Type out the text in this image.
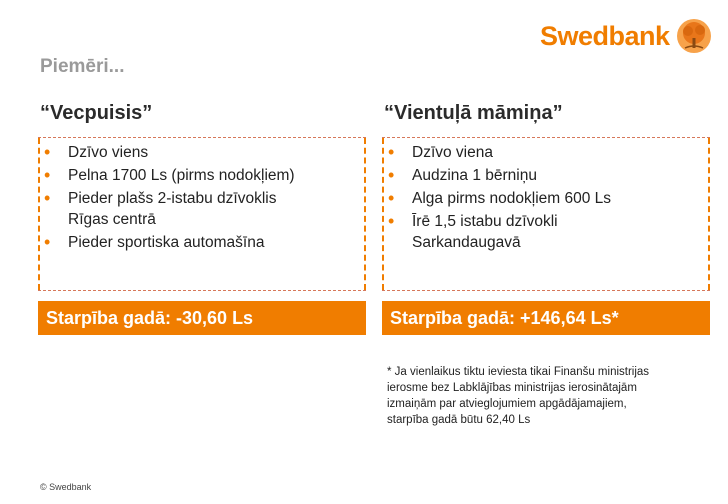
Swedbank
Piemēri...
“Vecpuisis”
• Dzīvo viens
• Pelna 1700 Ls (pirms nodokļiem)
• Pieder plašs 2-istabu dzīvoklis
Rīgas centrā
• Pieder sportiska automašīna
Starpība gadā: -30,60 Ls
“Vientuļā māmiņa”
• Dzīvo viena
• Audzina 1 bērniņu
• Alga pirms nodokļiem 600 Ls
• Īrē 1,5 istabu dzīvokli
Sarkandaugavā
Starpība gadā: +146,64 Ls*
* Ja vienlaikus tiktu ieviesta tikai Finanšu ministrijas
ierosme bez Labklājības ministrijas ierosinātajām
izmaiņām par atvieglojumiem apgādājamajiem,
starpība gadā būtu 62,40 Ls
© Swedbank
